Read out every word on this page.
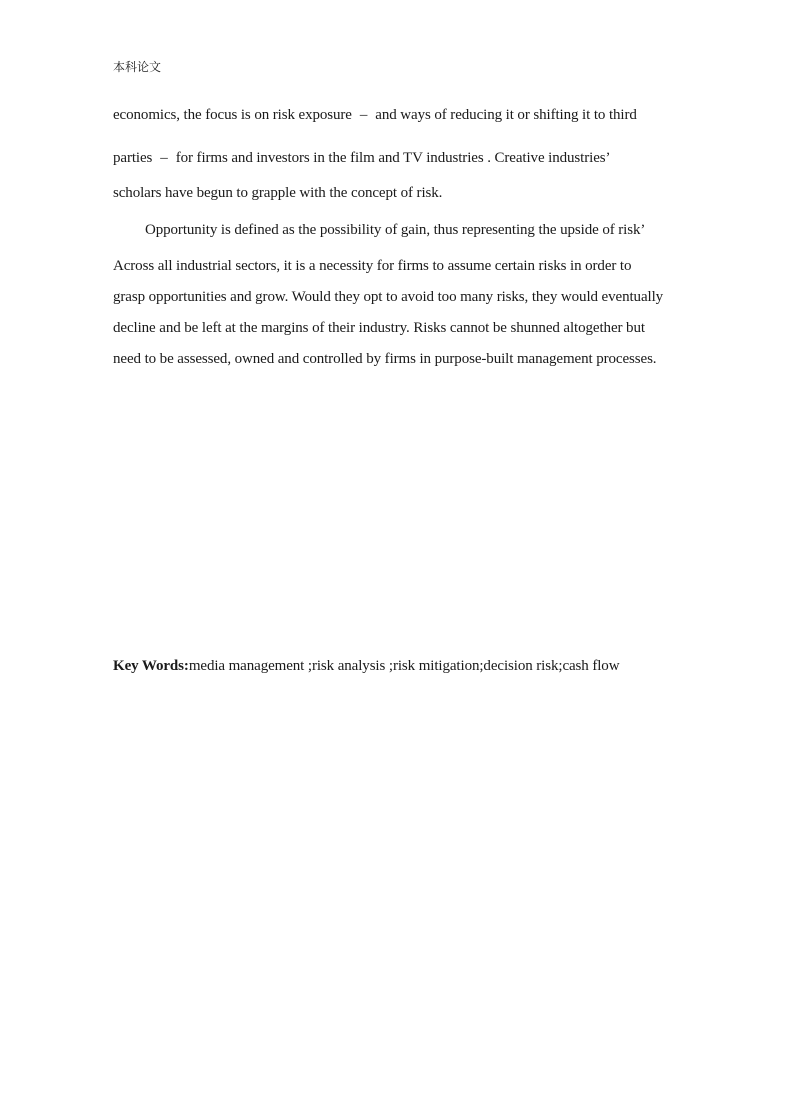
本科论文
economics, the focus is on risk exposure – and ways of reducing it or shifting it to third
parties – for firms and investors in the film and TV industries . Creative industries’
scholars have begun to grapple with the concept of risk.
Opportunity is defined as the possibility of gain, thus representing the upside of risk’
Across all industrial sectors, it is a necessity for firms to assume certain risks in order to
grasp opportunities and grow. Would they opt to avoid too many risks, they would eventually
decline and be left at the margins of their industry. Risks cannot be shunned altogether but
need to be assessed, owned and controlled by firms in purpose-built management processes.
Key Words:media management ;risk analysis ;risk mitigation;decision risk;cash flow
